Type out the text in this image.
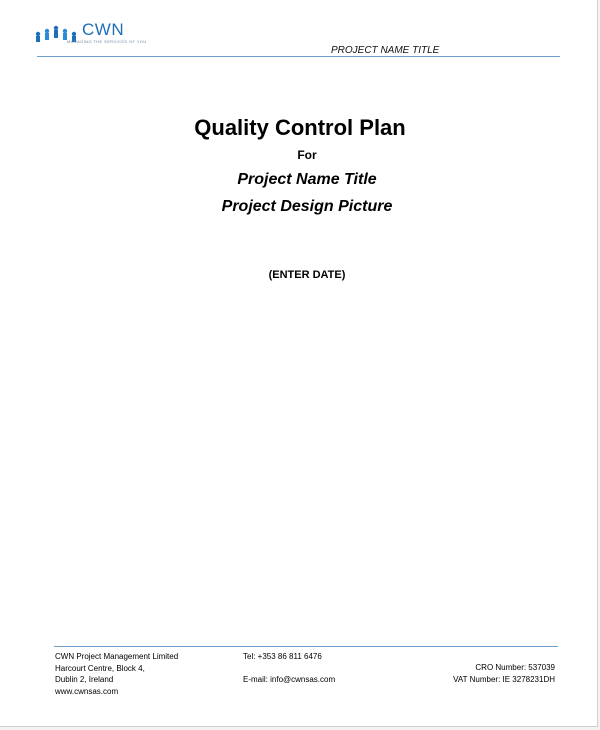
CWN
MANAGING THE SERVICES OF YOU
PROJECT NAME TITLE
Quality Control Plan
For
Project Name Title
Project Design Picture
(ENTER DATE)
CWN Project Management Limited
Harcourt Centre, Block 4,
Dublin 2, Ireland
www.cwnsas.com
Tel: +353 86 811 6476
E-mail: info@cwnsas.com
CRO Number: 537039
VAT Number: IE 3278231DH
